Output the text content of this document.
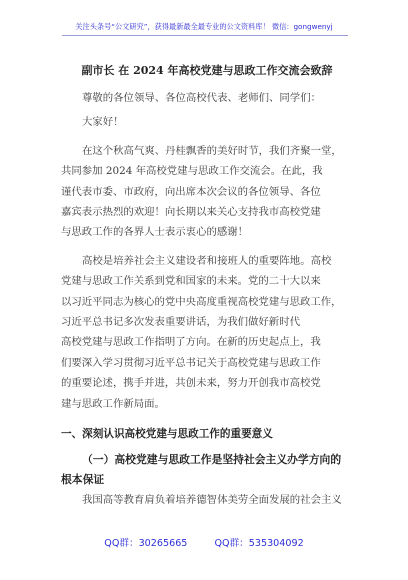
关注头条号“公文研究”，获得最新最全最专业的公文资料库！ 微信：gongwenyj
副市长 在 2024 年高校党建与思政工作交流会致辞

尊敬的各位领导、各位高校代表、老师们、同学们：

大家好！

在这个秋高气爽、丹桂飘香的美好时节，我们齐聚一堂，

共同参加 2024 年高校党建与思政工作交流会。在此，我

谨代表市委、市政府，向出席本次会议的各位领导、各位

嘉宾表示热烈的欢迎！向长期以来关心支持我市高校党建

与思政工作的各界人士表示衷心的感谢！

高校是培养社会主义建设者和接班人的重要阵地。高校

党建与思政工作关系到党和国家的未来。党的二十大以来

以习近平同志为核心的党中央高度重视高校党建与思政工作，

习近平总书记多次发表重要讲话，为我们做好新时代

高校党建与思政工作指明了方向。在新的历史起点上，我

们要深入学习贯彻习近平总书记关于高校党建与思政工作

的重要论述，携手并进，共创未来，努力开创我市高校党

建与思政工作新局面。

一、深刻认识高校党建与思政工作的重要意义

（一）高校党建与思政工作是坚持社会主义办学方向的

根本保证

我国高等教育肩负着培养德智体美劳全面发展的社会主义

QQ群：30265665	QQ群：535304092
